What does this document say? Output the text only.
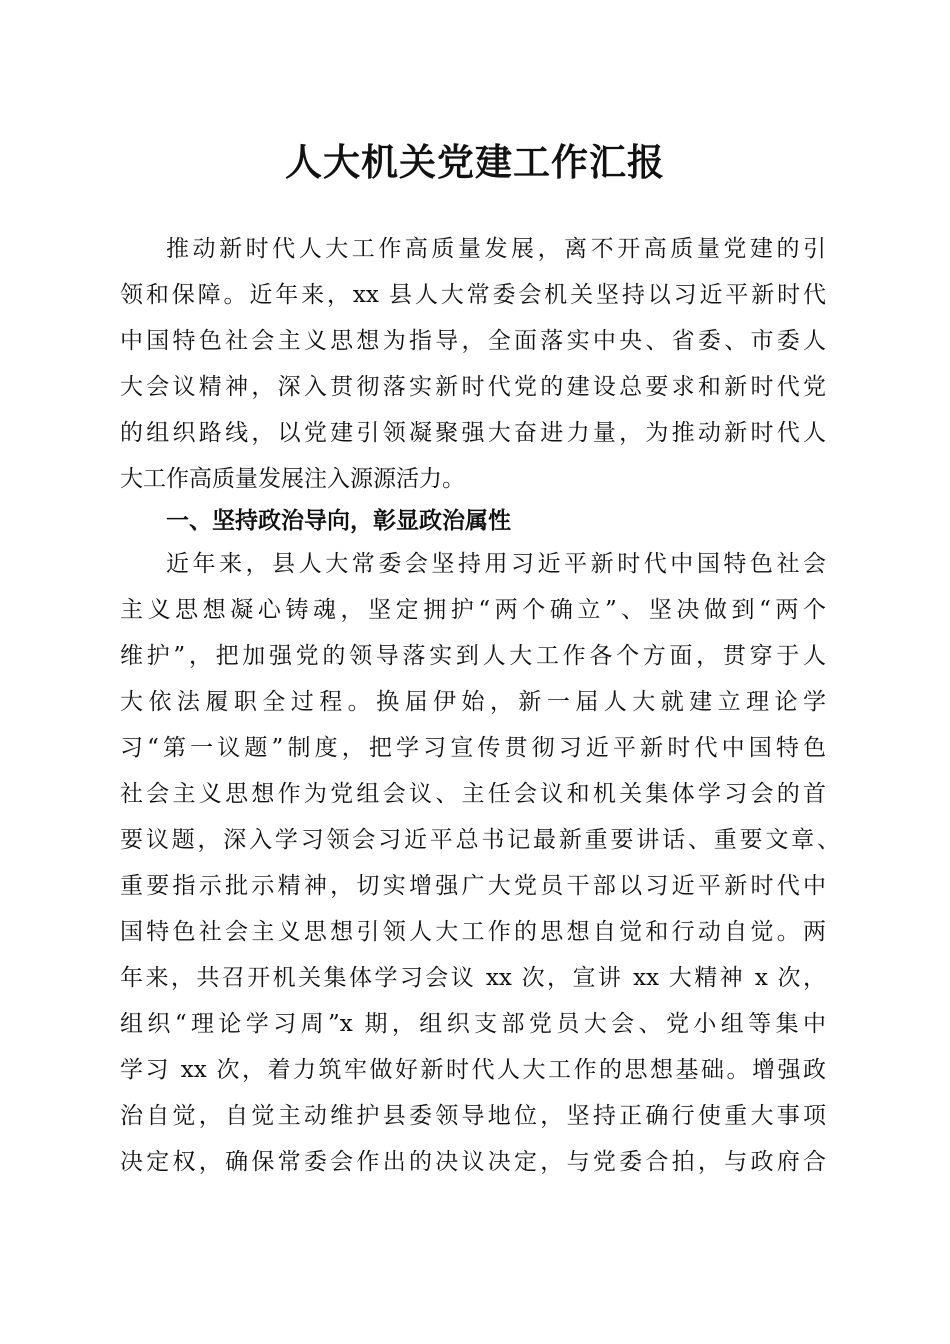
人大机关党建工作汇报

推动新时代人大工作高质量发展，离不开高质量党建的引

领和保障。近年来，xx 县人大常委会机关坚持以习近平新时代

中国特色社会主义思想为指导，全面落实中央、省委、市委人

大会议精神，深入贯彻落实新时代党的建设总要求和新时代党

的组织路线，以党建引领凝聚强大奋进力量，为推动新时代人

大工作高质量发展注入源源活力。

一、坚持政治导向，彰显政治属性

近年来，县人大常委会坚持用习近平新时代中国特色社会

主义思想凝心铸魂，坚定拥护“两个确立”、坚决做到“两个

维护”，把加强党的领导落实到人大工作各个方面，贯穿于人

大依法履职全过程。换届伊始，新一届人大就建立理论学

习“第一议题”制度，把学习宣传贯彻习近平新时代中国特色

社会主义思想作为党组会议、主任会议和机关集体学习会的首

要议题，深入学习领会习近平总书记最新重要讲话、重要文章、

重要指示批示精神，切实增强广大党员干部以习近平新时代中

国特色社会主义思想引领人大工作的思想自觉和行动自觉。两

年来，共召开机关集体学习会议 xx 次，宣讲 xx 大精神 x 次，

组织“理论学习周”x 期，组织支部党员大会、党小组等集中

学习 xx 次，着力筑牢做好新时代人大工作的思想基础。增强政

治自觉，自觉主动维护县委领导地位，坚持正确行使重大事项

决定权，确保常委会作出的决议决定，与党委合拍，与政府合
